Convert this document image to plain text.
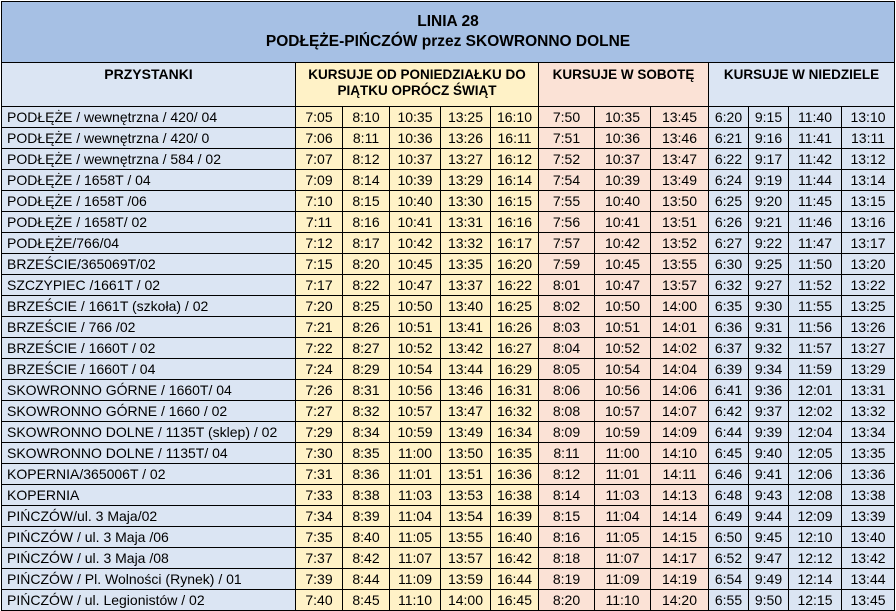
LINIA 28
PODŁĘŻE-PIŃCZÓW przez SKOWRONNO DOLNE												

PRZYSTANKI	KURSUJE OD PONIEDZIAŁKU DO PIĄTKU OPRÓCZ ŚWIĄT					KURSUJE W SOBOTĘ			KURSUJE W NIEDZIELE			
PODŁĘŻE / wewnętrzna / 420/ 04	7:05	8:10	10:35	13:25	16:10	7:50	10:35	13:45	6:20	9:15	11:40	13:10
PODŁĘŻE / wewnętrzna / 420/ 0	7:06	8:11	10:36	13:26	16:11	7:51	10:36	13:46	6:21	9:16	11:41	13:11
PODŁĘŻE / wewnętrzna / 584 / 02	7:07	8:12	10:37	13:27	16:12	7:52	10:37	13:47	6:22	9:17	11:42	13:12
PODŁĘŻE / 1658T / 04	7:09	8:14	10:39	13:29	16:14	7:54	10:39	13:49	6:24	9:19	11:44	13:14
PODŁĘŻE / 1658T /06	7:10	8:15	10:40	13:30	16:15	7:55	10:40	13:50	6:25	9:20	11:45	13:15
PODŁĘŻE / 1658T/ 02	7:11	8:16	10:41	13:31	16:16	7:56	10:41	13:51	6:26	9:21	11:46	13:16
PODŁĘŻE/766/04	7:12	8:17	10:42	13:32	16:17	7:57	10:42	13:52	6:27	9:22	11:47	13:17
BRZEŚCIE/365069T/02	7:15	8:20	10:45	13:35	16:20	7:59	10:45	13:55	6:30	9:25	11:50	13:20
SZCZYPIEC /1661T / 02	7:17	8:22	10:47	13:37	16:22	8:01	10:47	13:57	6:32	9:27	11:52	13:22
BRZEŚCIE / 1661T (szkoła) / 02	7:20	8:25	10:50	13:40	16:25	8:02	10:50	14:00	6:35	9:30	11:55	13:25
BRZEŚCIE / 766 /02	7:21	8:26	10:51	13:41	16:26	8:03	10:51	14:01	6:36	9:31	11:56	13:26
BRZEŚCIE / 1660T / 02	7:22	8:27	10:52	13:42	16:27	8:04	10:52	14:02	6:37	9:32	11:57	13:27
BRZEŚCIE / 1660T / 04	7:24	8:29	10:54	13:44	16:29	8:05	10:54	14:04	6:39	9:34	11:59	13:29
SKOWRONNO GÓRNE / 1660T/ 04	7:26	8:31	10:56	13:46	16:31	8:06	10:56	14:06	6:41	9:36	12:01	13:31
SKOWRONNO GÓRNE / 1660 / 02	7:27	8:32	10:57	13:47	16:32	8:08	10:57	14:07	6:42	9:37	12:02	13:32
SKOWRONNO DOLNE / 1135T (sklep) / 02	7:29	8:34	10:59	13:49	16:34	8:09	10:59	14:09	6:44	9:39	12:04	13:34
SKOWRONNO DOLNE / 1135T/ 04	7:30	8:35	11:00	13:50	16:35	8:11	11:00	14:10	6:45	9:40	12:05	13:35
KOPERNIA/365006T / 02	7:31	8:36	11:01	13:51	16:36	8:12	11:01	14:11	6:46	9:41	12:06	13:36
KOPERNIA	7:33	8:38	11:03	13:53	16:38	8:14	11:03	14:13	6:48	9:43	12:08	13:38
PIŃCZÓW/ul. 3 Maja/02	7:34	8:39	11:04	13:54	16:39	8:15	11:04	14:14	6:49	9:44	12:09	13:39
PIŃCZÓW / ul. 3 Maja /06	7:35	8:40	11:05	13:55	16:40	8:16	11:05	14:15	6:50	9:45	12:10	13:40
PIŃCZÓW / ul. 3 Maja /08	7:37	8:42	11:07	13:57	16:42	8:18	11:07	14:17	6:52	9:47	12:12	13:42
PIŃCZÓW / Pl. Wolności (Rynek) / 01	7:39	8:44	11:09	13:59	16:44	8:19	11:09	14:19	6:54	9:49	12:14	13:44
PIŃCZÓW / ul. Legionistów / 02	7:40	8:45	11:10	14:00	16:45	8:20	11:10	14:20	6:55	9:50	12:15	13:45
